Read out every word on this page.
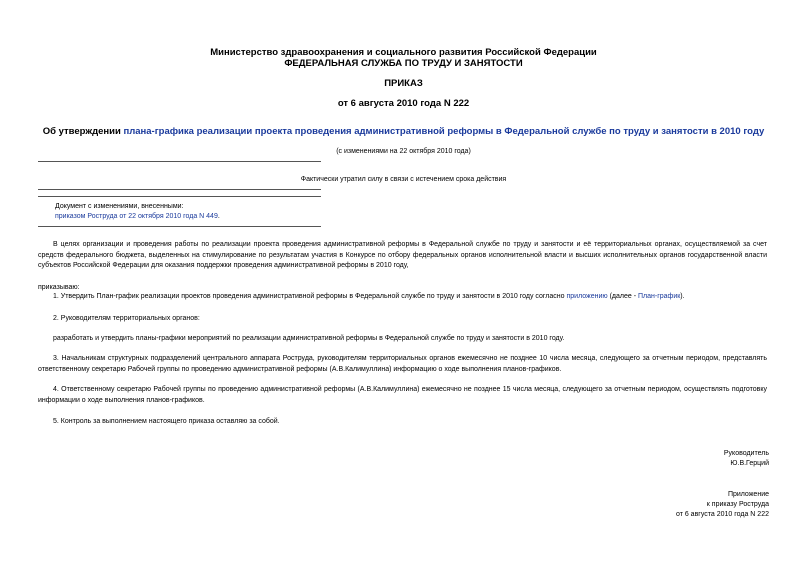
Министерство здравоохранения и социального развития Российской Федерации
ФЕДЕРАЛЬНАЯ СЛУЖБА ПО ТРУДУ И ЗАНЯТОСТИ
ПРИКАЗ
от 6 августа 2010 года N 222
Об утверждении плана-графика реализации проекта проведения административной реформы в Федеральной службе по труду и занятости в 2010 году
(с изменениями на 22 октября 2010 года)
Фактически утратил силу в связи с истечением срока действия
Документ с изменениями, внесенными:
приказом Роструда от 22 октября 2010 года N 449.
В целях организации и проведения работы по реализации проекта проведения административной реформы в Федеральной службе по труду и занятости и её территориальных органах, осуществляемой за счет средств федерального бюджета, выделенных на стимулирование по результатам участия в Конкурсе по отбору федеральных органов исполнительной власти и высших исполнительных органов государственной власти субъектов Российской Федерации для оказания поддержки проведения административной реформы в 2010 году,
приказываю:
1. Утвердить План-график реализации проектов проведения административной реформы в Федеральной службе по труду и занятости в 2010 году согласно приложению (далее - План-график).
2. Руководителям территориальных органов:
разработать и утвердить планы-графики мероприятий по реализации административной реформы в Федеральной службе по труду и занятости в 2010 году.
3. Начальникам структурных подразделений центрального аппарата Роструда, руководителям территориальных органов ежемесячно не позднее 10 числа месяца, следующего за отчетным периодом, представлять ответственному секретарю Рабочей группы по проведению административной реформы (А.В.Калимуллина) информацию о ходе выполнения планов-графиков.
4. Ответственному секретарю Рабочей группы по проведению административной реформы (А.В.Калимуллина) ежемесячно не позднее 15 числа месяца, следующего за отчетным периодом, осуществлять подготовку информации о ходе выполнения планов-графиков.
5. Контроль за выполнением настоящего приказа оставляю за собой.
Руководитель
Ю.В.Герций
Приложение
к приказу Роструда
от 6 августа 2010 года N 222
